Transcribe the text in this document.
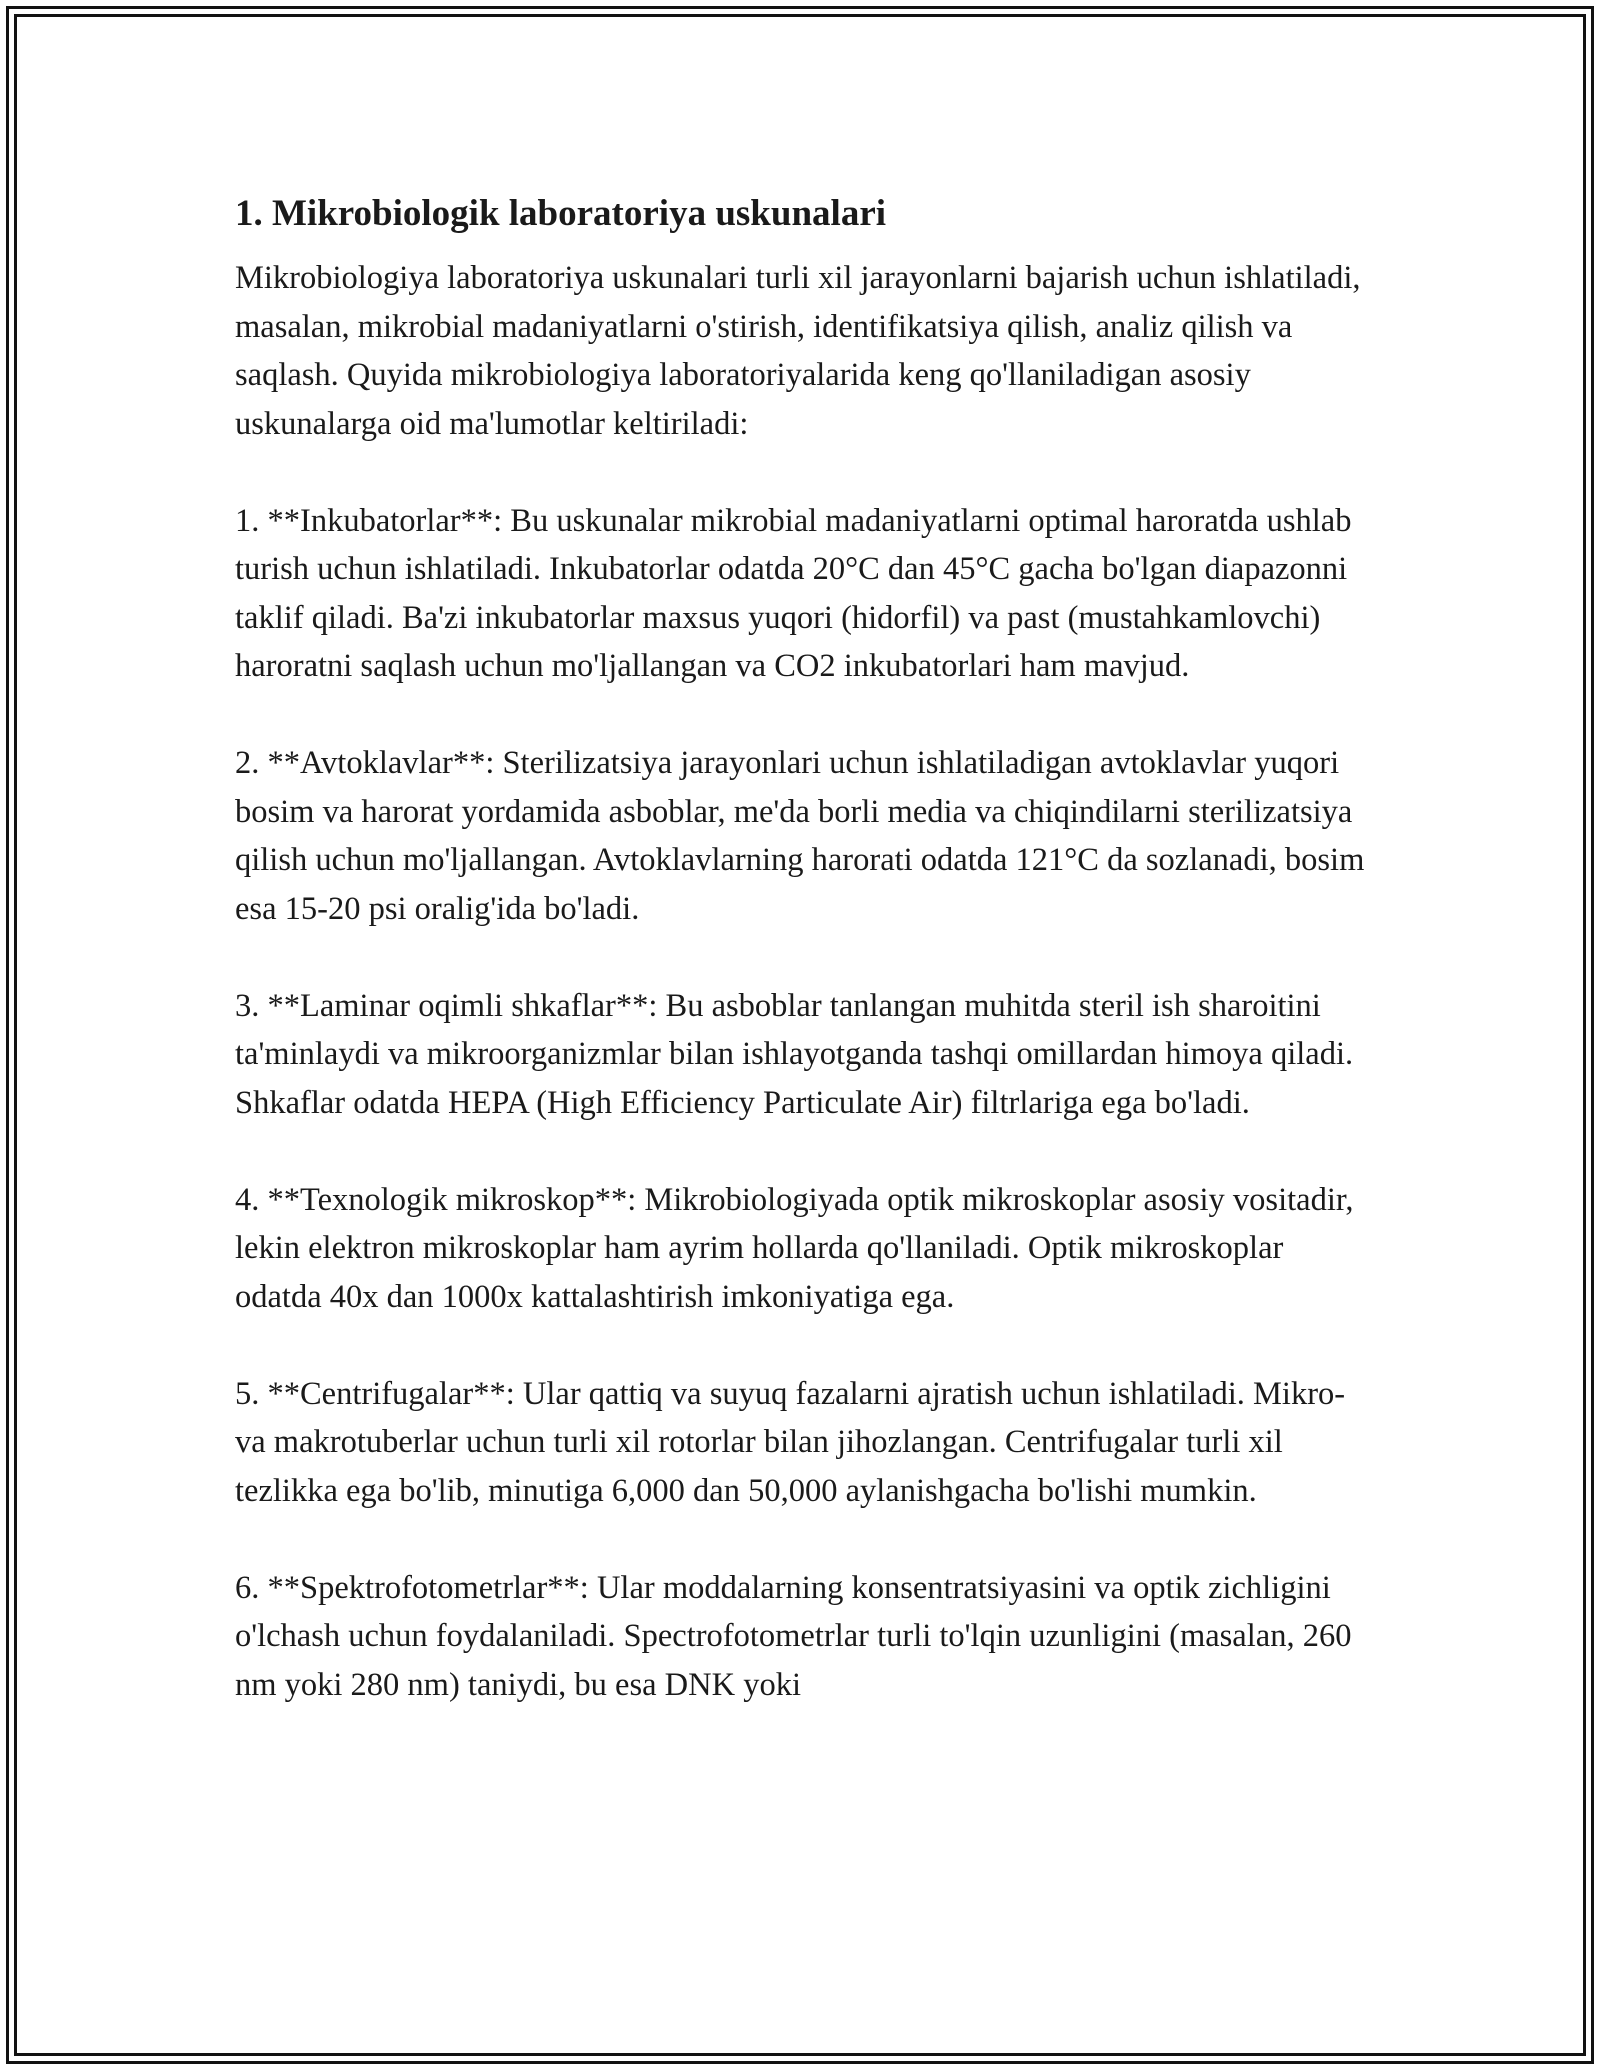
1. Mikrobiologik laboratoriya uskunalari

Mikrobiologiya laboratoriya uskunalari turli xil jarayonlarni bajarish uchun ishlatiladi, masalan, mikrobial madaniyatlarni o'stirish, identifikatsiya qilish, analiz qilish va saqlash. Quyida mikrobiologiya laboratoriyalarida keng qo'llaniladigan asosiy uskunalarga oid ma'lumotlar keltiriladi:

1. **Inkubatorlar**: Bu uskunalar mikrobial madaniyatlarni optimal haroratda ushlab turish uchun ishlatiladi. Inkubatorlar odatda 20°C dan 45°C gacha bo'lgan diapazonni taklif qiladi. Ba'zi inkubatorlar maxsus yuqori (hidorfil) va past (mustahkamlovchi) haroratni saqlash uchun mo'ljallangan va CO2 inkubatorlari ham mavjud.

2. **Avtoklavlar**: Sterilizatsiya jarayonlari uchun ishlatiladigan avtoklavlar yuqori bosim va harorat yordamida asboblar, me'da borli media va chiqindilarni sterilizatsiya qilish uchun mo'ljallangan. Avtoklavlarning harorati odatda 121°C da sozlanadi, bosim esa 15-20 psi oralig'ida bo'ladi.

3. **Laminar oqimli shkaflar**: Bu asboblar tanlangan muhitda steril ish sharoitini ta'minlaydi va mikroorganizmlar bilan ishlayotganda tashqi omillardan himoya qiladi. Shkaflar odatda HEPA (High Efficiency Particulate Air) filtrlariga ega bo'ladi.

4. **Texnologik mikroskop**: Mikrobiologiyada optik mikroskoplar asosiy vositadir, lekin elektron mikroskoplar ham ayrim hollarda qo'llaniladi. Optik mikroskoplar odatda 40x dan 1000x kattalashtirish imkoniyatiga ega.

5. **Centrifugalar**: Ular qattiq va suyuq fazalarni ajratish uchun ishlatiladi. Mikro- va makrotuberlar uchun turli xil rotorlar bilan jihozlangan. Centrifugalar turli xil tezlikka ega bo'lib, minutiga 6,000 dan 50,000 aylanishgacha bo'lishi mumkin.

6. **Spektrofotometrlar**: Ular moddalarning konsentratsiyasini va optik zichligini o'lchash uchun foydalaniladi. Spectrofotometrlar turli to'lqin uzunligini (masalan, 260 nm yoki 280 nm) taniydi, bu esa DNK yoki
